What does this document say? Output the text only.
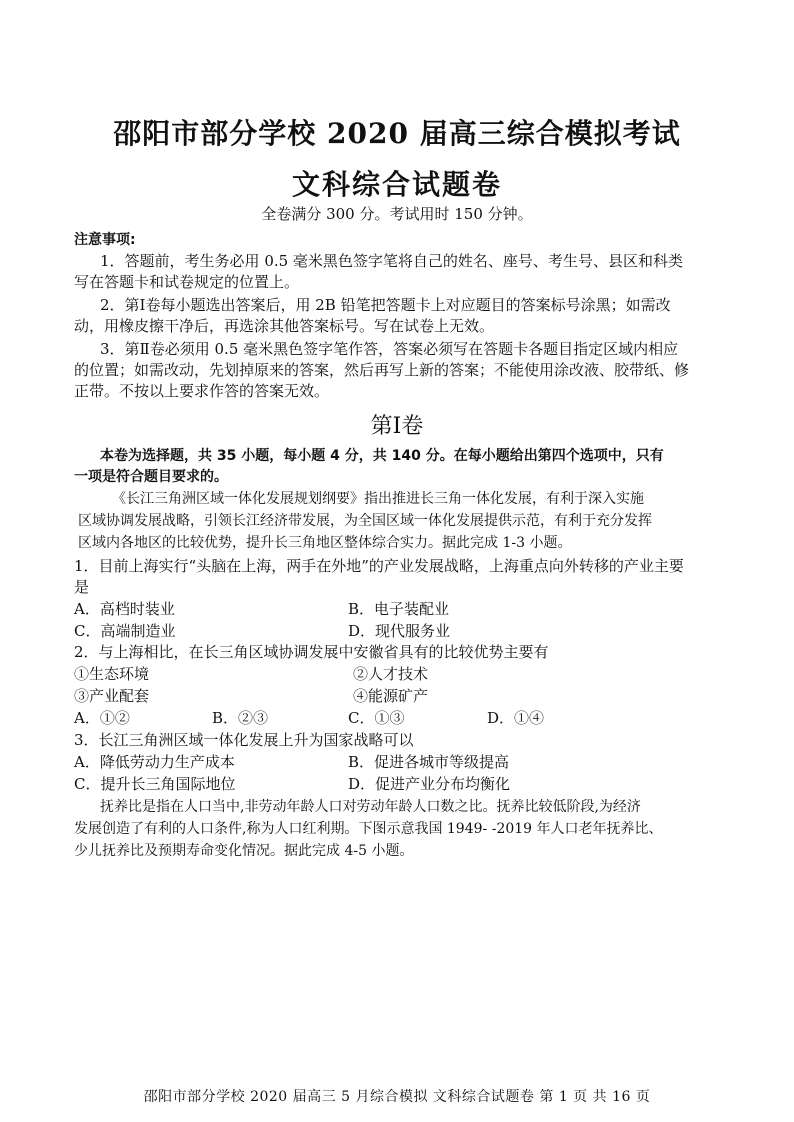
邵阳市部分学校 2020 届高三综合模拟考试
文科综合试题卷
全卷满分 300 分。考试用时 150 分钟。
注意事项:
1．答题前，考生务必用 0.5 毫米黑色签字笔将自己的姓名、座号、考生号、县区和科类
写在答题卡和试卷规定的位置上。
2．第Ⅰ卷每小题选出答案后，用 2B 铅笔把答题卡上对应题目的答案标号涂黑；如需改
动，用橡皮擦干净后，再选涂其他答案标号。写在试卷上无效。
3．第Ⅱ卷必须用 0.5 毫米黑色签字笔作答，答案必须写在答题卡各题目指定区域内相应
的位置；如需改动，先划掉原来的答案，然后再写上新的答案；不能使用涂改液、胶带纸、修
正带。不按以上要求作答的答案无效。
第Ⅰ卷
本卷为选择题，共 35 小题，每小题 4 分，共 140 分。在每小题给出第四个选项中，只有
一项是符合题目要求的。
《长江三角洲区域一体化发展规划纲要》指出推进长三角一体化发展，有利于深入实施
区域协调发展战略，引领长江经济带发展，为全国区域一体化发展提供示范，有利于充分发挥
区域内各地区的比较优势，提升长三角地区整体综合实力。据此完成 1-3 小题。
1．目前上海实行“头脑在上海，两手在外地”的产业发展战略，上海重点向外转移的产业主要
是
A．高档时装业	B．电子装配业
C．高端制造业	D．现代服务业
2．与上海相比，在长三角区域协调发展中安徽省具有的比较优势主要有
①生态环境	②人才技术
③产业配套	④能源矿产
A．①②	B．②③	C．①③	D．①④
3．长江三角洲区域一体化发展上升为国家战略可以
A．降低劳动力生产成本	B．促进各城市等级提高
C．提升长三角国际地位	D．促进产业分布均衡化
抚养比是指在人口当中,非劳动年龄人口对劳动年龄人口数之比。抚养比较低阶段,为经济
发展创造了有利的人口条件,称为人口红利期。下图示意我国 1949- -2019 年人口老年抚养比、
少儿抚养比及预期寿命变化情况。据此完成 4-5 小题。
邵阳市部分学校 2020 届高三 5 月综合模拟 文科综合试题卷 第 1 页 共 16 页
